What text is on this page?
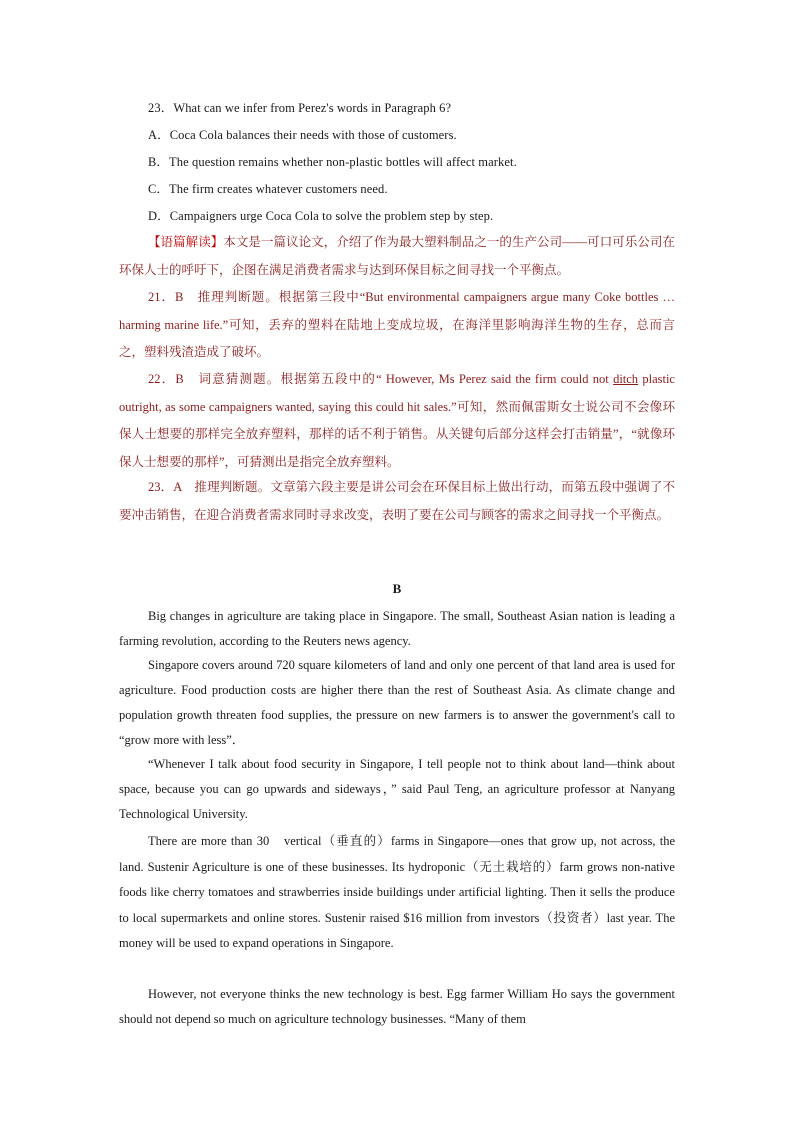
23．What can we infer from Perez's words in Paragraph 6?
A．Coca Cola balances their needs with those of customers.
B．The question remains whether non-plastic bottles will affect market.
C．The firm creates whatever customers need.
D．Campaigners urge Coca Cola to solve the problem step by step.
【语篇解读】本文是一篇议论文，介绍了作为最大塑料制品之一的生产公司——可口可乐公司在环保人士的呼吁下，企图在满足消费者需求与达到环保目标之间寻找一个平衡点。
21．B　推理判断题。根据第三段中“But environmental campaigners argue many Coke bottles … harming marine life.”可知，丢弃的塑料在陆地上变成垃圾，在海洋里影响海洋生物的生存，总而言之，塑料残渣造成了破坏。
22．B　词意猜测题。根据第五段中的“ However, Ms Perez said the firm could not ditch plastic outright, as some campaigners wanted, saying this could hit sales.”可知，然而佩雷斯女士说公司不会像环保人士想要的那样完全放弃塑料，那样的话不利于销售。从关键句后部分这样会打击销量”，“就像环保人士想要的那样”，可猜测出是指完全放弃塑料。
23．A　推理判断题。文章第六段主要是讲公司会在环保目标上做出行动，而第五段中强调了不要冲击销售，在迎合消费者需求同时寻求改变，表明了要在公司与顾客的需求之间寻找一个平衡点。
B
Big changes in agriculture are taking place in Singapore. The small, Southeast Asian nation is leading a farming revolution, according to the Reuters news agency.
Singapore covers around 720 square kilometers of land and only one percent of that land area is used for agriculture. Food production costs are higher there than the rest of Southeast Asia. As climate change and population growth threaten food supplies, the pressure on new farmers is to answer the government's call to “grow more with less”．
“Whenever I talk about food security in Singapore, I tell people not to think about land—think about space, because you can go upwards and sideways，” said Paul Teng, an agriculture professor at Nanyang Technological University.
There are more than 30　vertical（垂直的）farms in Singapore—ones that grow up, not across, the land. Sustenir Agriculture is one of these businesses. Its hydroponic（无土栽培的）farm grows non-native foods like cherry tomatoes and strawberries inside buildings under artificial lighting. Then it sells the produce to local supermarkets and online stores. Sustenir raised $16 million from investors（投资者）last year. The money will be used to expand operations in Singapore.
However, not everyone thinks the new technology is best. Egg farmer William Ho says the government should not depend so much on agriculture technology businesses. “Many of them
